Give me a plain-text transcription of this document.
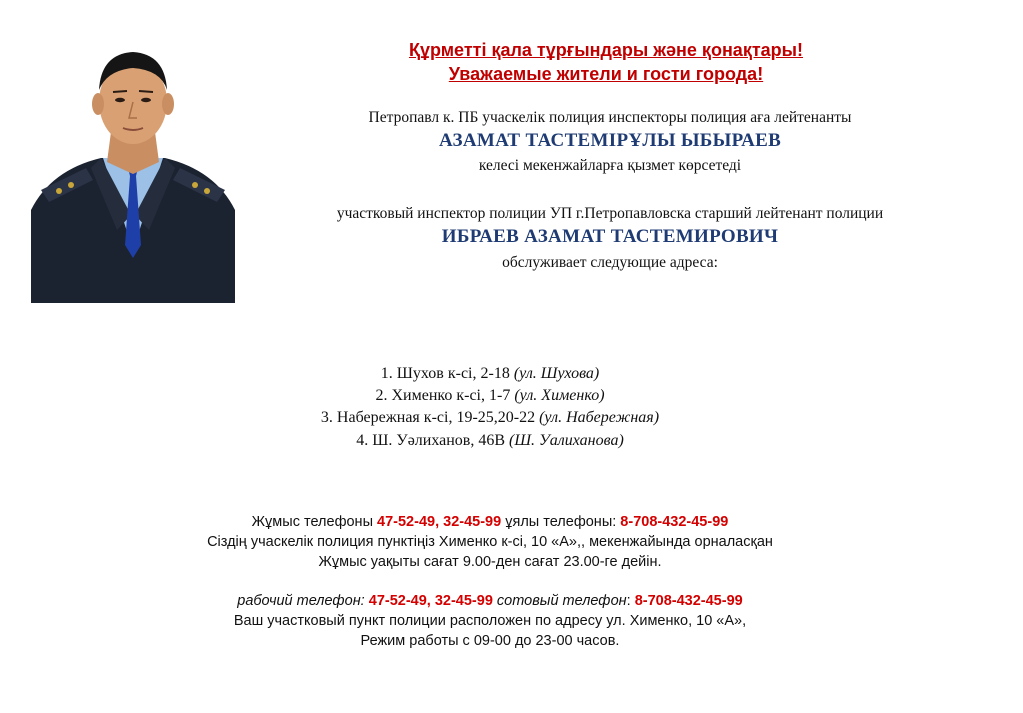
Құрметті қала тұрғындары және қонақтары!
Уважаемые жители и гости города!
Петропавл к. ПБ учаскелік полиция инспекторы полиция аға лейтенанты
АЗАМАТ ТАСТЕМІРҰЛЫ ЫБЫРАЕВ
келесі мекенжайларға қызмет көрсетеді
участковый инспектор полиции УП г.Петропавловска старший лейтенант полиции
ИБРАЕВ АЗАМАТ ТАСТЕМИРОВИЧ
обслуживает следующие адреса:
1. Шухов к-сі, 2-18 (ул. Шухова)
2. Хименко к-сі, 1-7 (ул. Хименко)
3. Набережная к-сі, 19-25,20-22 (ул. Набережная)
4. Ш. Уәлиханов, 46В (Ш. Уалиханова)
Жұмыс телефоны 47-52-49, 32-45-99 ұялы телефоны: 8-708-432-45-99
Сіздің учаскелік полиция пунктіңіз Хименко к-сі, 10 «А»,, мекенжайында орналасқан
Жұмыс уақыты сағат 9.00-ден сағат 23.00-ге дейін.
рабочий телефон: 47-52-49, 32-45-99 сотовый телефон: 8-708-432-45-99
Ваш участковый пункт полиции расположен по адресу ул. Хименко, 10 «А»,
Режим работы с 09-00 до 23-00 часов.
